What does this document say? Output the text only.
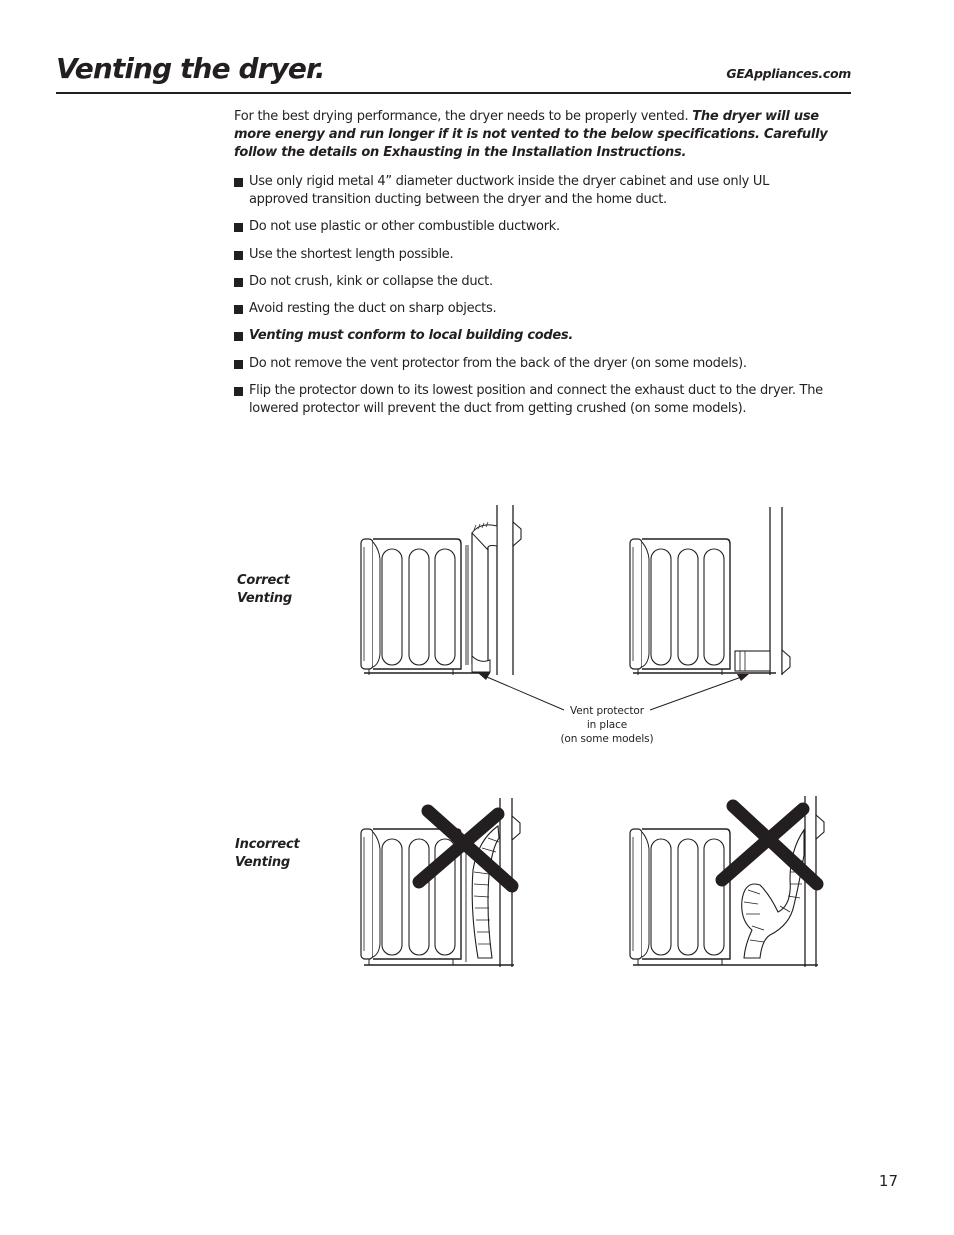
Venting the dryer.	GEAppliances.com

For the best drying performance, the dryer needs to be properly vented. The dryer will use more energy and run longer if it is not vented to the below specifications. Carefully follow the details on Exhausting in the Installation Instructions.

Use only rigid metal 4” diameter ductwork inside the dryer cabinet and use only UL approved transition ducting between the dryer and the home duct.
Do not use plastic or other combustible ductwork.
Use the shortest length possible.
Do not crush, kink or collapse the duct.
Avoid resting the duct on sharp objects.
Venting must conform to local building codes.
Do not remove the vent protector from the back of the dryer (on some models).
Flip the protector down to its lowest position and connect the exhaust duct to the dryer. The lowered protector will prevent the duct from getting crushed (on some models).
Correct
Venting
Incorrect
Venting
Vent protector
in place
(on some models)
17
